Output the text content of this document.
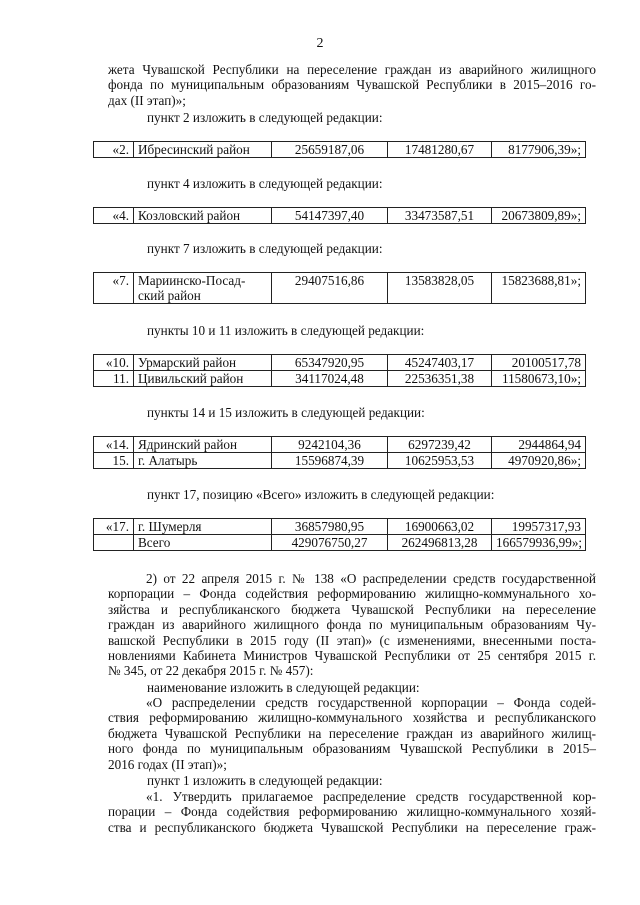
2
жета Чувашской Республики на переселение граждан из аварийного жилищного
фонда по муниципальным образованиям Чувашской Республики в 2015–2016 го-
дах (II этап)»;
пункт 2 изложить в следующей редакции:
«2.	Ибресинский район	25659187,06	17481280,67	8177906,39»;
пункт 4 изложить в следующей редакции:
«4.	Козловский район	54147397,40	33473587,51	20673809,89»;
пункт 7 изложить в следующей редакции:
«7.	Мариинско-Посад-
ский район	29407516,86	13583828,05	15823688,81»;
пункты 10 и 11 изложить в следующей редакции:
«10.	Урмарский район	65347920,95	45247403,17	20100517,78
11.	Цивильский район	34117024,48	22536351,38	11580673,10»;
пункты 14 и 15 изложить в следующей редакции:
«14.	Ядринский район	9242104,36	6297239,42	2944864,94
15.	г. Алатырь	15596874,39	10625953,53	4970920,86»;
пункт 17, позицию «Всего» изложить в следующей редакции:
«17.	г. Шумерля	36857980,95	16900663,02	19957317,93
	Всего	429076750,27	262496813,28	166579936,99»;
2) от 22 апреля 2015 г. № 138 «О распределении средств государственной
корпорации – Фонда содействия реформированию жилищно-коммунального хо-
зяйства и республиканского бюджета Чувашской Республики на переселение
граждан из аварийного жилищного фонда по муниципальным образованиям Чу-
вашской Республики в 2015 году (II этап)» (с изменениями, внесенными поста-
новлениями Кабинета Министров Чувашской Республики от 25 сентября 2015 г.
№ 345, от 22 декабря 2015 г. № 457):
наименование изложить в следующей редакции:
«О распределении средств государственной корпорации – Фонда содей-
ствия реформированию жилищно-коммунального хозяйства и республиканского
бюджета Чувашской Республики на переселение граждан из аварийного жилищ-
ного фонда по муниципальным образованиям Чувашской Республики в 2015–
2016 годах (II этап)»;
пункт 1 изложить в следующей редакции:
«1. Утвердить прилагаемое распределение средств государственной кор-
порации – Фонда содействия реформированию жилищно-коммунального хозяй-
ства и республиканского бюджета Чувашской Республики на переселение граж-
